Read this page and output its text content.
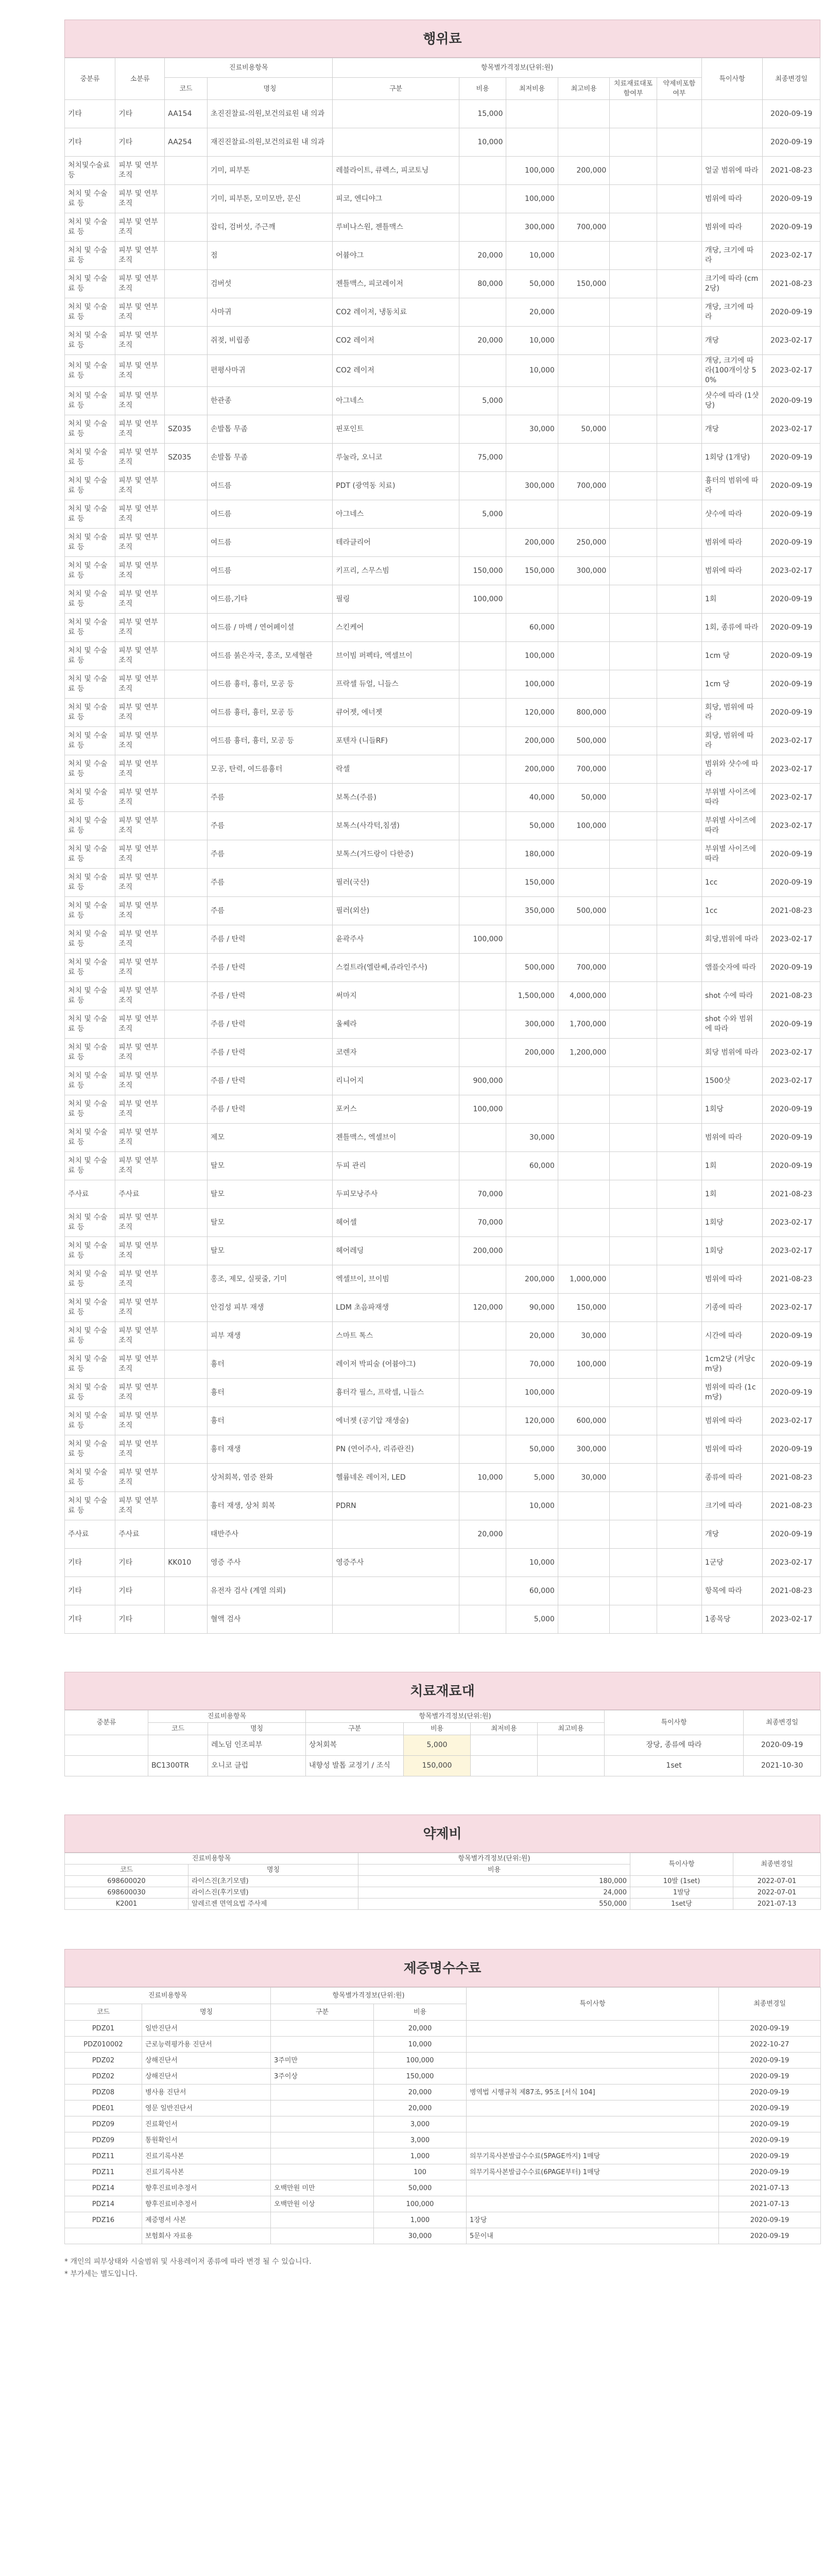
행위료
중분류	소분류	진료비용항목		항목별가격정보(단위:원)						특이사항	최종변경일
		코드	명칭	구분	비용	최저비용	최고비용	치료재료대포함여부	약제비포함여부		
기타	기타	AA154	초진진찰료-의원,보건의료원 내 의과		15,000						2020-09-19
기타	기타	AA254	재진진찰료-의원,보건의료원 내 의과		10,000						2020-09-19
처치및수술료 등	피부 및 연부조직		기미, 피부톤	레블라이트, 큐렉스, 피코토닝		100,000	200,000			얼굴 범위에 따라	2021-08-23
처치 및 수술료 등	피부 및 연부조직		기미, 피부톤, 모미모반, 문신	피코, 엔디야그		100,000				범위에 따라	2020-09-19
처치 및 수술료 등	피부 및 연부조직		잡티, 검버섯, 주근깨	루비나스원, 젠틀맥스		300,000	700,000			범위에 따라	2020-09-19
처치 및 수술료 등	피부 및 연부조직		점	어븀야그	20,000	10,000				개당, 크기에 따라	2023-02-17
처치 및 수술료 등	피부 및 연부조직		검버섯	젠틀맥스, 피코레이저	80,000	50,000	150,000			크기에 따라 (cm2당)	2021-08-23
처치 및 수술료 등	피부 및 연부조직		사마귀	CO2 레이저, 냉동치료		20,000				개당, 크기에 따라	2020-09-19
처치 및 수술료 등	피부 및 연부조직		쥐젖, 비립종	CO2 레이저	20,000	10,000				개당	2023-02-17
처치 및 수술료 등	피부 및 연부조직		편평사마귀	CO2 레이저		10,000				개당, 크기에 따라(100개이상 50%	2023-02-17
처치 및 수술료 등	피부 및 연부조직		한관종	아그네스	5,000					샷수에 따라 (1샷당)	2020-09-19
처치 및 수술료 등	피부 및 연부조직	SZ035	손발톱 무좀	핀포인트		30,000	50,000			개당	2023-02-17
처치 및 수술료 등	피부 및 연부조직	SZ035	손발톱 무좀	루눌라, 오니코	75,000					1회당 (1개당)	2020-09-19
처치 및 수술료 등	피부 및 연부조직		여드름	PDT (광역동 치료)		300,000	700,000			흉터의 범위에 따라	2020-09-19
처치 및 수술료 등	피부 및 연부조직		여드름	아그네스	5,000					샷수에 따라	2020-09-19
처치 및 수술료 등	피부 및 연부조직		여드름	테라클리어		200,000	250,000			범위에 따라	2020-09-19
처치 및 수술료 등	피부 및 연부조직		여드름	키프리, 스무스빔	150,000	150,000	300,000			범위에 따라	2023-02-17
처치 및 수술료 등	피부 및 연부조직		여드름,기타	필링	100,000					1회	2020-09-19
처치 및 수술료 등	피부 및 연부조직		여드름 / 마백 / 연어페이셜	스킨케어		60,000				1회, 종류에 따라	2020-09-19
처치 및 수술료 등	피부 및 연부조직		여드름 붉은자국, 홍조, 모세혈관	브이빔 퍼펙타, 엑셀브이		100,000				1cm 당	2020-09-19
처치 및 수술료 등	피부 및 연부조직		여드름 흉터, 흉터, 모공 등	프락셀 듀얼, 니들스		100,000				1cm 당	2020-09-19
처치 및 수술료 등	피부 및 연부조직		여드름 흉터, 흉터, 모공 등	큐어젯, 에너젯		120,000	800,000			회당, 범위에 따라	2020-09-19
처치 및 수술료 등	피부 및 연부조직		여드름 흉터, 흉터, 모공 등	포텐자 (니들RF)		200,000	500,000			회당, 범위에 따라	2023-02-17
처치 및 수술료 등	피부 및 연부조직		모공, 탄력, 여드름흉터	락셀		200,000	700,000			범위와 샷수에 따라	2023-02-17
처치 및 수술료 등	피부 및 연부조직		주름	보톡스(주름)		40,000	50,000			부위별 사이즈에 따라	2023-02-17
처치 및 수술료 등	피부 및 연부조직		주름	보톡스(사각턱,침샘)		50,000	100,000			부위별 사이즈에 따라	2023-02-17
처치 및 수술료 등	피부 및 연부조직		주름	보톡스(겨드랑이 다한증)		180,000				부위별 사이즈에 따라	2020-09-19
처치 및 수술료 등	피부 및 연부조직		주름	필러(국산)		150,000				1cc	2020-09-19
처치 및 수술료 등	피부 및 연부조직		주름	필러(외산)		350,000	500,000			1cc	2021-08-23
처치 및 수술료 등	피부 및 연부조직		주름 / 탄력	윤곽주사	100,000					회당,범위에 따라	2023-02-17
처치 및 수술료 등	피부 및 연부조직		주름 / 탄력	스컬트라(엘란쎄,쥬라인주사)		500,000	700,000			앰플숫자에 따라	2020-09-19
처치 및 수술료 등	피부 및 연부조직		주름 / 탄력	써마지		1,500,000	4,000,000			shot 수에 따라	2021-08-23
처치 및 수술료 등	피부 및 연부조직		주름 / 탄력	울쎄라		300,000	1,700,000			shot 수와 범위에 따라	2020-09-19
처치 및 수술료 등	피부 및 연부조직		주름 / 탄력	코렌자		200,000	1,200,000			회당 범위에 따라	2023-02-17
처치 및 수술료 등	피부 및 연부조직		주름 / 탄력	리니어지	900,000					1500샷	2023-02-17
처치 및 수술료 등	피부 및 연부조직		주름 / 탄력	포커스	100,000					1회당	2020-09-19
처치 및 수술료 등	피부 및 연부조직		제모	젠틀맥스, 엑셀브이		30,000				범위에 따라	2020-09-19
처치 및 수술료 등	피부 및 연부조직		탈모	두피 관리		60,000				1회	2020-09-19
주사료	주사료		탈모	두피모낭주사	70,000					1회	2021-08-23
처치 및 수술료 등	피부 및 연부조직		탈모	헤어셀	70,000					1회당	2023-02-17
처치 및 수술료 등	피부 및 연부조직		탈모	헤어레딩	200,000					1회당	2023-02-17
처치 및 수술료 등	피부 및 연부조직		홍조, 제모, 실핏줄, 기미	엑셀브이, 브이빔		200,000	1,000,000			범위에 따라	2021-08-23
처치 및 수술료 등	피부 및 연부조직		안검성 피부 재생	LDM 초음파재생	120,000	90,000	150,000			기종에 따라	2023-02-17
처치 및 수술료 등	피부 및 연부조직		피부 재생	스마트 톡스		20,000	30,000			시간에 따라	2020-09-19
처치 및 수술료 등	피부 및 연부조직		흉터	레이저 박피술 (어븀야그)		70,000	100,000			1cm2당 (켜당cm당)	2020-09-19
처치 및 수술료 등	피부 및 연부조직		흉터	흉터각 필스, 프락셀, 니들스		100,000				범위에 따라 (1cm당)	2020-09-19
처치 및 수술료 등	피부 및 연부조직		흉터	에너젯 (공기압 재생술)		120,000	600,000			범위에 따라	2023-02-17
처치 및 수술료 등	피부 및 연부조직		흉터 재생	PN (연어주사, 리쥬란진)		50,000	300,000			범위에 따라	2020-09-19
처치 및 수술료 등	피부 및 연부조직		상처회복, 염증 완화	헬륨네온 레이저, LED	10,000	5,000	30,000			종류에 따라	2021-08-23
처치 및 수술료 등	피부 및 연부조직		흉터 재생, 상처 회복	PDRN		10,000				크기에 따라	2021-08-23
주사료	주사료		태반주사		20,000					개당	2020-09-19
기타	기타	KK010	영증 주사	영증주사		10,000				1군당	2023-02-17
기타	기타		유전자 검사 (계열 의뢰)			60,000				항목에 따라	2021-08-23
기타	기타		혈액 검사			5,000				1종목당	2023-02-17
치료재료대
중분류	진료비용항목		항목별가격정보(단위:원)				특이사항	최종변경일
	코드	명칭	구분	비용	최저비용	최고비용		
		레노덤 인조피부	상처회복	5,000			장당, 종류에 따라	2020-09-19
	BC1300TR	오니코 클럽	내향성 발톱 교정기 / 조식	150,000			1set	2021-10-30
약제비
진료비용항목		항목별가격정보(단위:원)	특이사항	최종변경일
코드	명칭	비용		
698600020	라이스진(초기모델)	180,000	10발 (1set)	2022-07-01
698600030	라이스진(후기모델)	24,000	1발당	2022-07-01
K2001	알레르젠 면역요법 주사제	550,000	1set당	2021-07-13
제증명수수료
진료비용항목		항목별가격정보(단위:원)		특이사항	최종변경일
코드	명칭	구분	비용		
PDZ01	일반진단서		20,000		2020-09-19
PDZ010002	근로능력평가용 진단서		10,000		2022-10-27
PDZ02	상해진단서	3주미만	100,000		2020-09-19
PDZ02	상해진단서	3주이상	150,000		2020-09-19
PDZ08	병사용 진단서		20,000	병역법 시행규칙 제87조, 95조 [서식 104]	2020-09-19
PDE01	영문 일반진단서		20,000		2020-09-19
PDZ09	진료확인서		3,000		2020-09-19
PDZ09	통원확인서		3,000		2020-09-19
PDZ11	진료기록사본		1,000	의무기록사본발급수수료(5PAGE까지) 1매당	2020-09-19
PDZ11	진료기록사본		100	의무기록사본발급수수료(6PAGE부터) 1매당	2020-09-19
PDZ14	향후진료비추정서	오백만원 미만	50,000		2021-07-13
PDZ14	향후진료비추정서	오백만원 이상	100,000		2021-07-13
PDZ16	제증명서 사본		1,000	1장당	2020-09-19
	보험회사 자료용		30,000	5문이내	2020-09-19
* 개인의 피부상태와 시술범위 및 사용레이저 종류에 따라 변경 될 수 있습니다.
* 부가세는 별도입니다.
